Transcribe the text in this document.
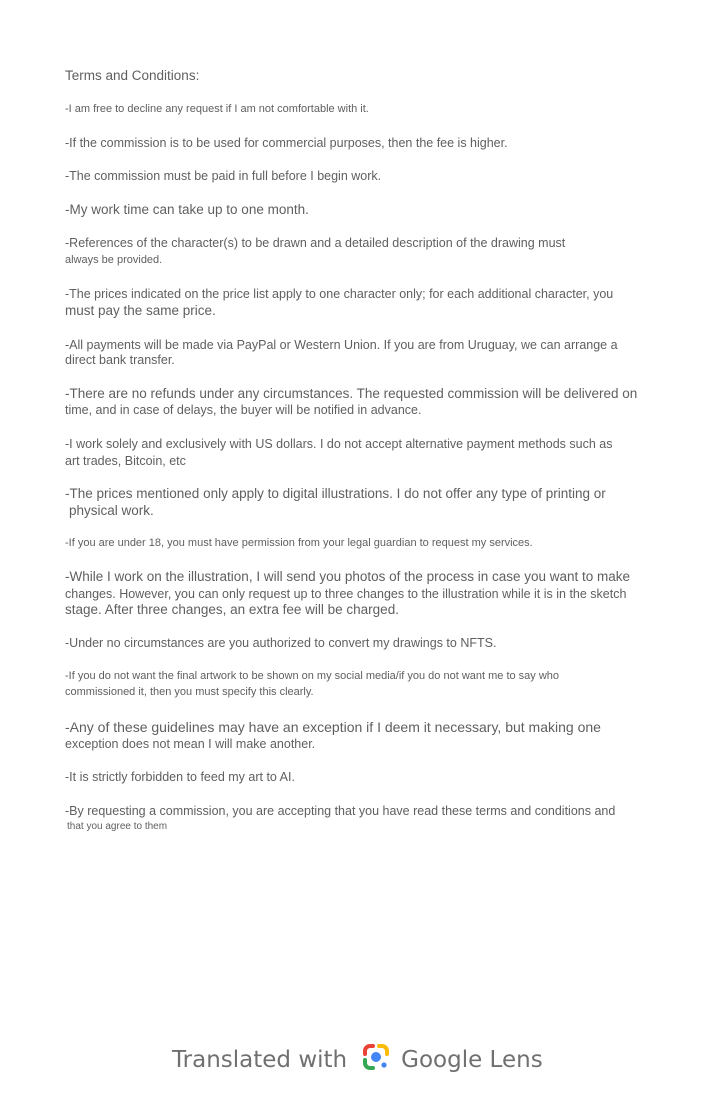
Terms and Conditions:

-I am free to decline any request if I am not comfortable with it.

-If the commission is to be used for commercial purposes, then the fee is higher.

-The commission must be paid in full before I begin work.

-My work time can take up to one month.

-References of the character(s) to be drawn and a detailed description of the drawing must

always be provided.

-The prices indicated on the price list apply to one character only; for each additional character, you

must pay the same price.

-All payments will be made via PayPal or Western Union. If you are from Uruguay, we can arrange a

direct bank transfer.

-There are no refunds under any circumstances. The requested commission will be delivered on

time, and in case of delays, the buyer will be notified in advance.

-I work solely and exclusively with US dollars. I do not accept alternative payment methods such as

art trades, Bitcoin, etc

-The prices mentioned only apply to digital illustrations. I do not offer any type of printing or

physical work.

-If you are under 18, you must have permission from your legal guardian to request my services.

-While I work on the illustration, I will send you photos of the process in case you want to make

changes. However, you can only request up to three changes to the illustration while it is in the sketch

stage. After three changes, an extra fee will be charged.

-Under no circumstances are you authorized to convert my drawings to NFTS.

-If you do not want the final artwork to be shown on my social media/if you do not want me to say who

commissioned it, then you must specify this clearly.

-Any of these guidelines may have an exception if I deem it necessary, but making one

exception does not mean I will make another.

-It is strictly forbidden to feed my art to AI.

-By requesting a commission, you are accepting that you have read these terms and conditions and

that you agree to them

Translated with Google Lens
